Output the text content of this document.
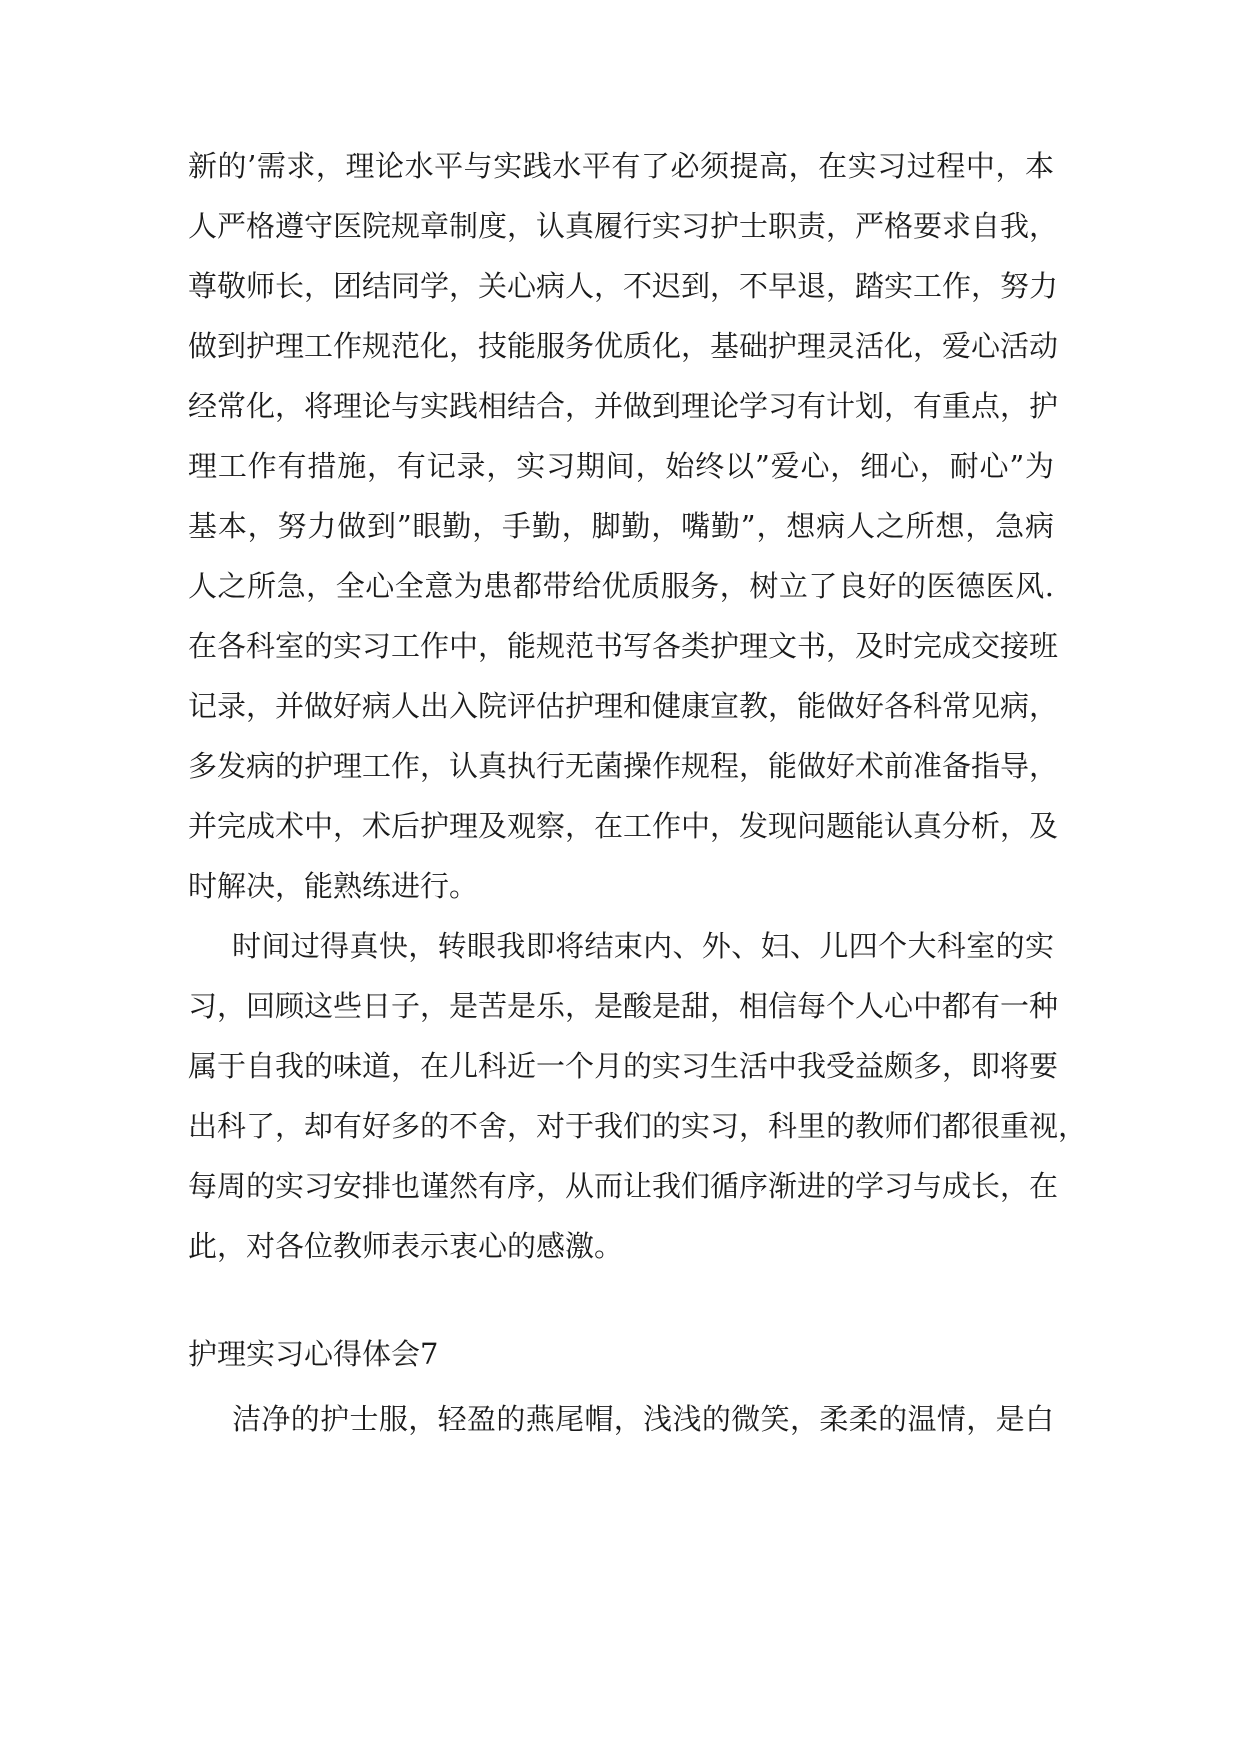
新的’需求，理论水平与实践水平有了必须提高，在实习过程中，本
人严格遵守医院规章制度，认真履行实习护士职责，严格要求自我，
尊敬师长，团结同学，关心病人，不迟到，不早退，踏实工作，努力
做到护理工作规范化，技能服务优质化，基础护理灵活化，爱心活动
经常化，将理论与实践相结合，并做到理论学习有计划，有重点，护
理工作有措施，有记录，实习期间，始终以”爱心，细心，耐心”为
基本，努力做到”眼勤，手勤，脚勤，嘴勤”，想病人之所想，急病
人之所急，全心全意为患都带给优质服务，树立了良好的医德医风.
在各科室的实习工作中，能规范书写各类护理文书，及时完成交接班
记录，并做好病人出入院评估护理和健康宣教，能做好各科常见病，
多发病的护理工作，认真执行无菌操作规程，能做好术前准备指导，
并完成术中，术后护理及观察，在工作中，发现问题能认真分析，及
时解决，能熟练进行。
时间过得真快，转眼我即将结束内、外、妇、儿四个大科室的实
习，回顾这些日子，是苦是乐，是酸是甜，相信每个人心中都有一种
属于自我的味道，在儿科近一个月的实习生活中我受益颇多，即将要
出科了，却有好多的不舍，对于我们的实习，科里的教师们都很重视，
每周的实习安排也谨然有序，从而让我们循序渐进的学习与成长，在
此，对各位教师表示衷心的感激。
护理实习心得体会7
洁净的护士服，轻盈的燕尾帽，浅浅的微笑，柔柔的温情，是白
